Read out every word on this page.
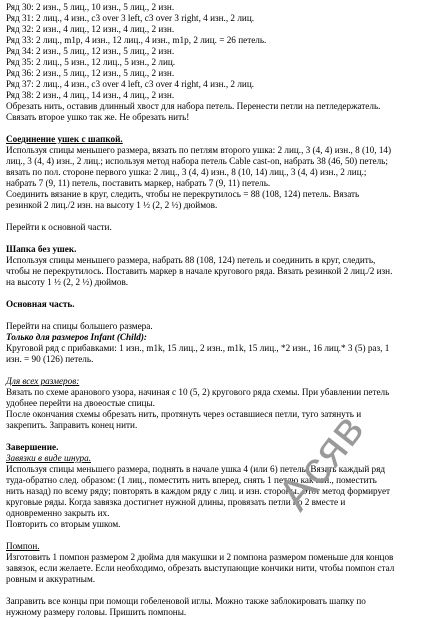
Ряд 30: 2 изн., 5 лиц., 10 изн., 5 лиц., 2 изн.

Ряд 31: 2 лиц., 4 изн., c3 over 3 left, c3 over 3 right, 4 изн., 2 лиц.

Ряд 32: 2 изн., 4 лиц., 12 изн., 4 лиц., 2 изн.

Ряд 33: 2 лиц., m1p, 4 изн., 12 лиц., 4 изн., m1p, 2 лиц. = 26 петель.

Ряд 34: 2 изн., 5 лиц., 12 изн., 5 лиц., 2 изн.

Ряд 35: 2 лиц., 5 изн., 12 лиц., 5 изн., 2 лиц.

Ряд 36: 2 изн., 5 лиц., 12 изн., 5 лиц., 2 изн.

Ряд 37: 2 лиц., 4 изн., c3 over 4 left, c3 over 4 right, 4 изн., 2 лиц.

Ряд 38: 2 изн., 4 лиц., 14 изн., 4 лиц., 2 изн.

Обрезать нить, оставив длинный хвост для набора петель. Перенести петли на петледержатель.

Связать второе ушко так же. Не обрезать нить!

Соединение ушек с шапкой.

Используя спицы меньшего размера, вязать по петлям второго ушка: 2 лиц., 3 (4, 4) изн., 8 (10, 14)

лиц., 3 (4, 4) изн., 2 лиц.; используя метод набора петель Cable cast-on, набрать 38 (46, 50) петель;

вязать по пол. стороне первого ушка: 2 лиц., 3 (4, 4) изн., 8 (10, 14) лиц., 3 (4, 4) изн., 2 лиц.;

набрать 7 (9, 11) петель, поставить маркер, набрать 7 (9, 11) петель.

Соединить вязание в круг, следить, чтобы не перекрутилось = 88 (108, 124) петель. Вязать

резинкой 2 лиц./2 изн. на высоту 1 ½ (2, 2 ½) дюймов.

Перейти к основной части.

Шапка без ушек.

Используя спицы меньшего размера, набрать 88 (108, 124) петель и соединить в круг, следить,

чтобы не перекрутилось. Поставить маркер в начале кругового ряда. Вязать резинкой 2 лиц./2 изн.

на высоту 1 ½ (2, 2 ½) дюймов.

Основная часть.

Перейти на спицы большего размера.

Только для размеров Infant (Child):

Круговой ряд с прибавками: 1 изн., m1k, 15 лиц., 2 изн., m1k, 15 лиц., *2 изн., 16 лиц.* 3 (5) раз, 1

изн. = 90 (126) петель.

Для всех размеров:

Вязать по схеме аранового узора, начиная с 10 (5, 2) кругового ряда схемы. При убавлении петель

удобнее перейти на двоеостые спицы.

После окончания схемы обрезать нить, протянуть через оставшиеся петли, туго затянуть и

закрепить. Заправить конец нити.

Завершение.

Завязки в виде шнура.

Используя спицы меньшего размера, поднять в начале ушка 4 (или 6) петель. Вязать каждый ряд

туда-обратно след. образом: (1 лиц., поместить нить вперед, снять 1 петлю как изн., поместить

нить назад) по всему ряду; повторять в каждом ряду с лиц. и изн. стороны. Этот метод формирует

круговые ряды. Когда завязка достигнет нужной длины, провязать петли по 2 вместе и

одновременно закрыть их.

Повторить со вторым ушком.

Помпон.

Изготовить 1 помпон размером 2 дюйма для макушки и 2 помпона размером поменьше для концов

завязок, если желаете. Если необходимо, обрезать выступающие кончики нити, чтобы помпон стал

ровным и аккуратным.

Заправить все концы при помощи гобеленовой иглы. Можно также заблокировать шапку по

нужному размеру головы. Пришить помпоны.

Асяв
